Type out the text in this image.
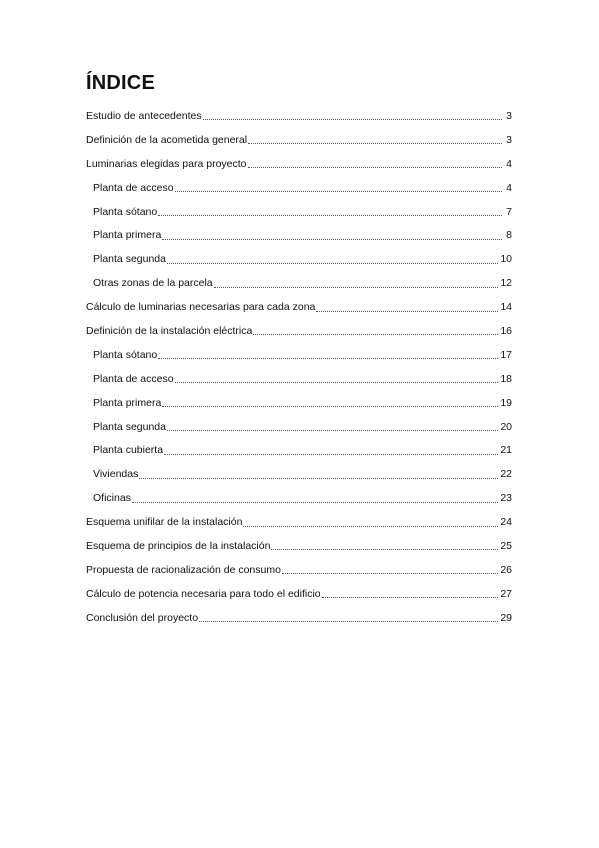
ÍNDICE
Estudio de antecedentes	3
Definición de la acometida general	3
Luminarias elegidas para proyecto	4
Planta de acceso	4
Planta sótano	7
Planta primera	8
Planta segunda	10
Otras zonas de la parcela	12
Cálculo de luminarias necesarias para cada zona	14
Definición de la instalación eléctrica	16
Planta sótano	17
Planta de acceso	18
Planta primera	19
Planta segunda	20
Planta cubierta	21
Viviendas	22
Oficinas	23
Esquema unifilar de la instalación	24
Esquema de principios de la instalación	25
Propuesta de racionalización de consumo	26
Cálculo de potencia necesaria para todo el edificio	27
Conclusión del proyecto	29
